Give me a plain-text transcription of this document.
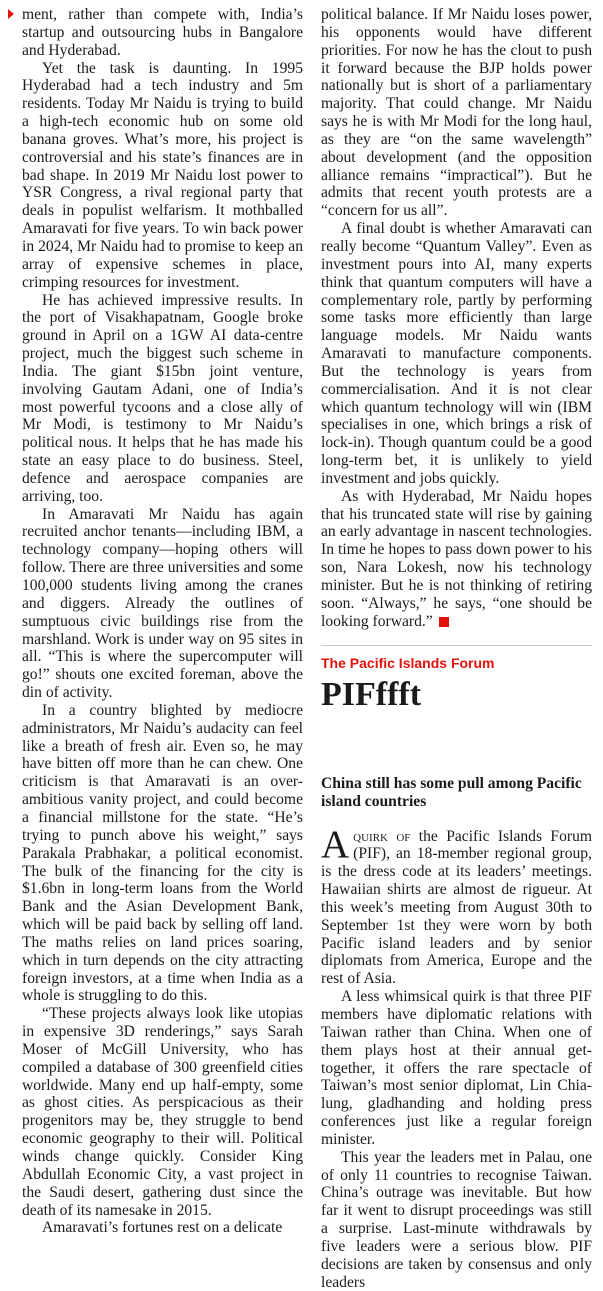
ment, rather than compete with, India’s startup and outsourcing hubs in Bangalore and Hyderabad.

Yet the task is daunting. In 1995 Hyderabad had a tech industry and 5m residents. Today Mr Naidu is trying to build a high-tech economic hub on some old banana groves. What’s more, his project is controversial and his state’s finances are in bad shape. In 2019 Mr Naidu lost power to YSR Congress, a rival regional party that deals in populist welfarism. It mothballed Amaravati for five years. To win back power in 2024, Mr Naidu had to promise to keep an array of expensive schemes in place, crimping resources for investment.

He has achieved impressive results. In the port of Visakhapatnam, Google broke ground in April on a 1GW AI data-centre project, much the biggest such scheme in India. The giant $15bn joint venture, involving Gautam Adani, one of India’s most powerful tycoons and a close ally of Mr Modi, is testimony to Mr Naidu’s political nous. It helps that he has made his state an easy place to do business. Steel, defence and aerospace companies are arriving, too.

In Amaravati Mr Naidu has again recruited anchor tenants—including IBM, a technology company—hoping others will follow. There are three universities and some 100,000 students living among the cranes and diggers. Already the outlines of sumptuous civic buildings rise from the marshland. Work is under way on 95 sites in all. “This is where the supercomputer will go!” shouts one excited foreman, above the din of activity.

In a country blighted by mediocre administrators, Mr Naidu’s audacity can feel like a breath of fresh air. Even so, he may have bitten off more than he can chew. One criticism is that Amaravati is an over-ambitious vanity project, and could become a financial millstone for the state. “He’s trying to punch above his weight,” says Parakala Prabhakar, a political economist. The bulk of the financing for the city is $1.6bn in long-term loans from the World Bank and the Asian Development Bank, which will be paid back by selling off land. The maths relies on land prices soaring, which in turn depends on the city attracting foreign investors, at a time when India as a whole is struggling to do this.

“These projects always look like utopias in expensive 3D renderings,” says Sarah Moser of McGill University, who has compiled a database of 300 greenfield cities worldwide. Many end up half-empty, some as ghost cities. As perspicacious as their progenitors may be, they struggle to bend economic geography to their will. Political winds change quickly. Consider King Abdullah Economic City, a vast project in the Saudi desert, gathering dust since the death of its namesake in 2015.

Amaravati’s fortunes rest on a delicate

political balance. If Mr Naidu loses power, his opponents would have different priorities. For now he has the clout to push it forward because the BJP holds power nationally but is short of a parliamentary majority. That could change. Mr Naidu says he is with Mr Modi for the long haul, as they are “on the same wavelength” about development (and the opposition alliance remains “impractical”). But he admits that recent youth protests are a “concern for us all”.

A final doubt is whether Amaravati can really become “Quantum Valley”. Even as investment pours into AI, many experts think that quantum computers will have a complementary role, partly by performing some tasks more efficiently than large language models. Mr Naidu wants Amaravati to manufacture components. But the technology is years from commercialisation. And it is not clear which quantum technology will win (IBM specialises in one, which brings a risk of lock-in). Though quantum could be a good long-term bet, it is unlikely to yield investment and jobs quickly.

As with Hyderabad, Mr Naidu hopes that his truncated state will rise by gaining an early advantage in nascent technologies. In time he hopes to pass down power to his son, Nara Lokesh, now his technology minister. But he is not thinking of retiring soon. “Always,” he says, “one should be looking forward.”

The Pacific Islands Forum
PIFffft
China still has some pull among Pacific island countries

Aquirk of the Pacific Islands Forum (PIF), an 18-member regional group, is the dress code at its leaders’ meetings. Hawaiian shirts are almost de rigueur. At this week’s meeting from August 30th to September 1st they were worn by both Pacific island leaders and by senior diplomats from America, Europe and the rest of Asia.

A less whimsical quirk is that three PIF members have diplomatic relations with Taiwan rather than China. When one of them plays host at their annual get-together, it offers the rare spectacle of Taiwan’s most senior diplomat, Lin Chia-lung, gladhanding and holding press conferences just like a regular foreign minister.

This year the leaders met in Palau, one of only 11 countries to recognise Taiwan. China’s outrage was inevitable. But how far it went to disrupt proceedings was still a surprise. Last-minute withdrawals by five leaders were a serious blow. PIF decisions are taken by consensus and only leaders
